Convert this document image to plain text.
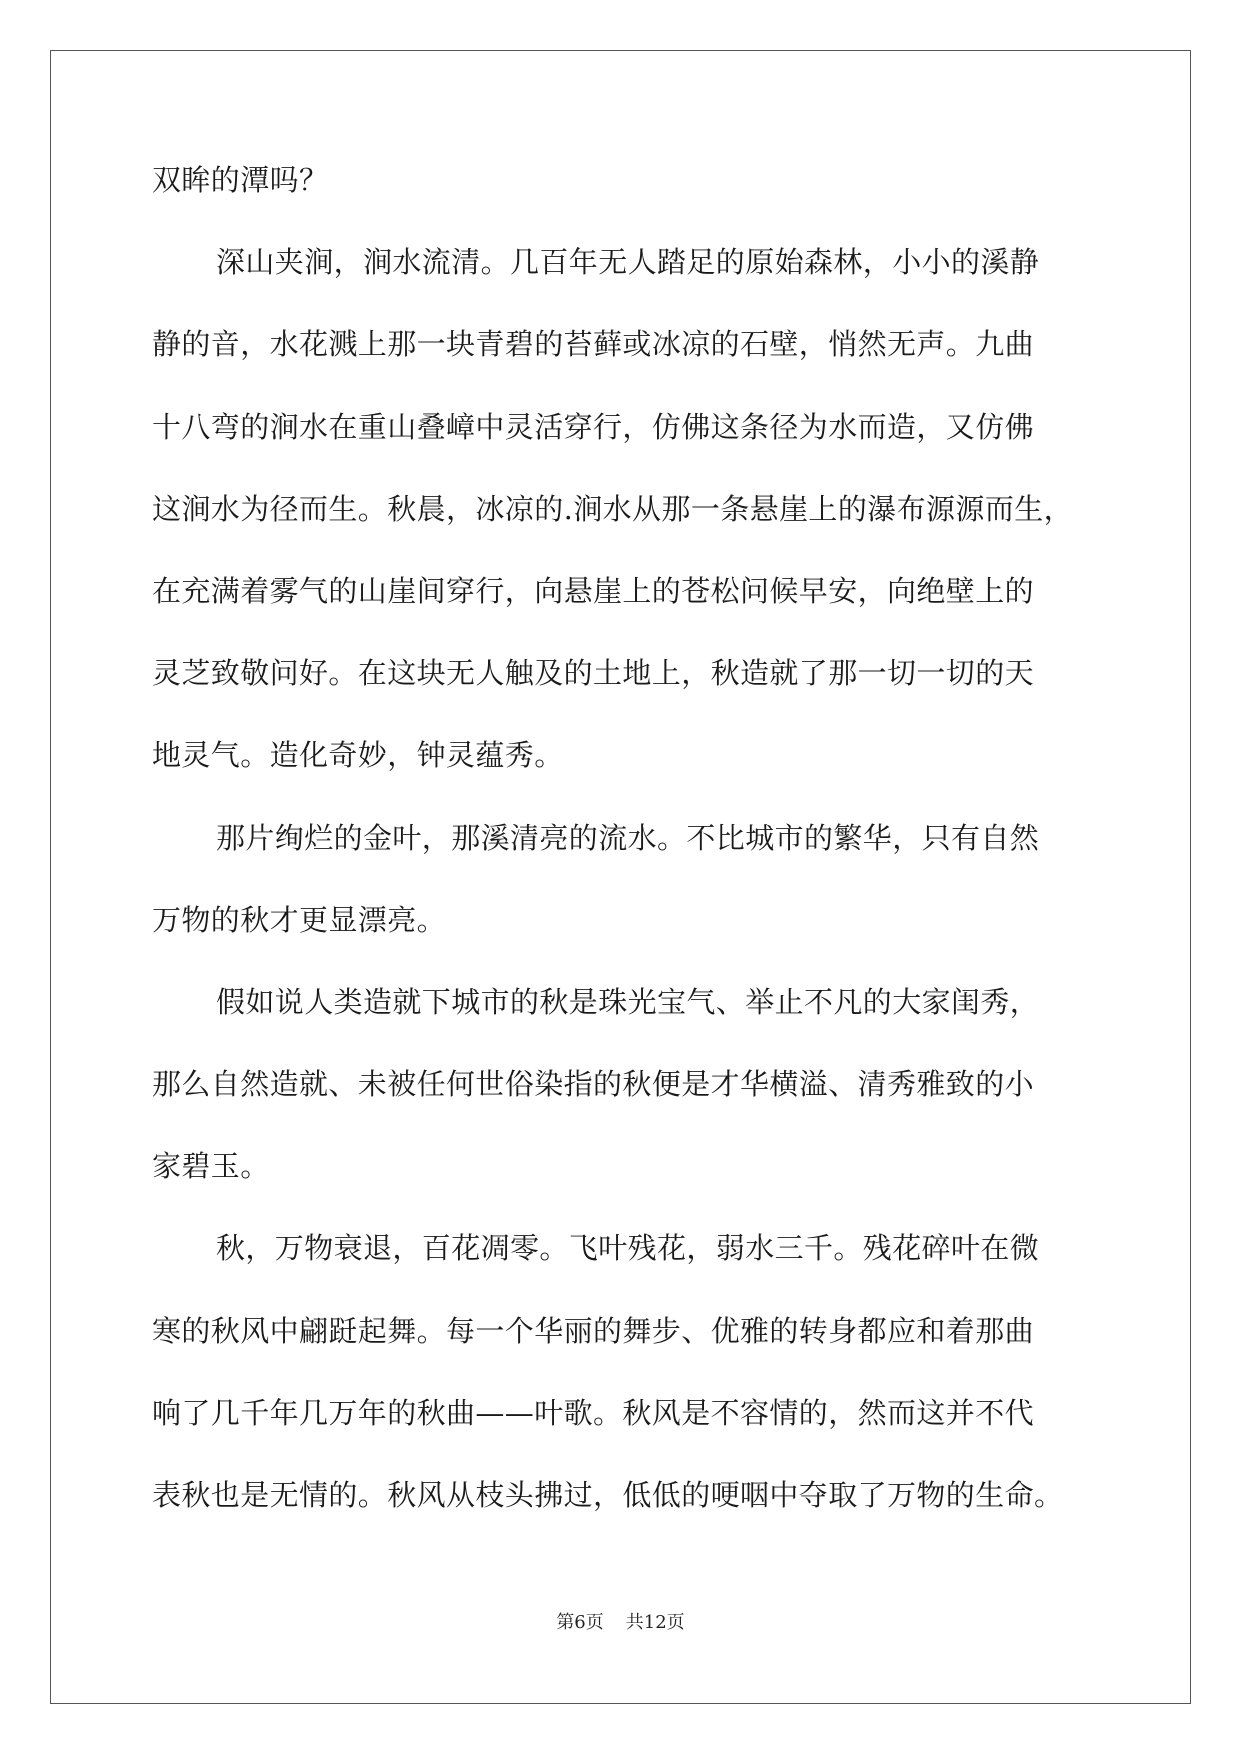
双眸的潭吗？
深山夹涧，涧水流清。几百年无人踏足的原始森林，小小的溪静
静的音，水花溅上那一块青碧的苔藓或冰凉的石壁，悄然无声。九曲
十八弯的涧水在重山叠嶂中灵活穿行，仿佛这条径为水而造，又仿佛
这涧水为径而生。秋晨，冰凉的.涧水从那一条悬崖上的瀑布源源而生，
在充满着雾气的山崖间穿行，向悬崖上的苍松问候早安，向绝壁上的
灵芝致敬问好。在这块无人触及的土地上，秋造就了那一切一切的天
地灵气。造化奇妙，钟灵蕴秀。
那片绚烂的金叶，那溪清亮的流水。不比城市的繁华，只有自然
万物的秋才更显漂亮。
假如说人类造就下城市的秋是珠光宝气、举止不凡的大家闺秀，
那么自然造就、未被任何世俗染指的秋便是才华横溢、清秀雅致的小
家碧玉。
秋，万物衰退，百花凋零。飞叶残花，弱水三千。残花碎叶在微
寒的秋风中翩跹起舞。每一个华丽的舞步、优雅的转身都应和着那曲
响了几千年几万年的秋曲——叶歌。秋风是不容情的，然而这并不代
表秋也是无情的。秋风从枝头拂过，低低的哽咽中夺取了万物的生命。
第6页 共12页
